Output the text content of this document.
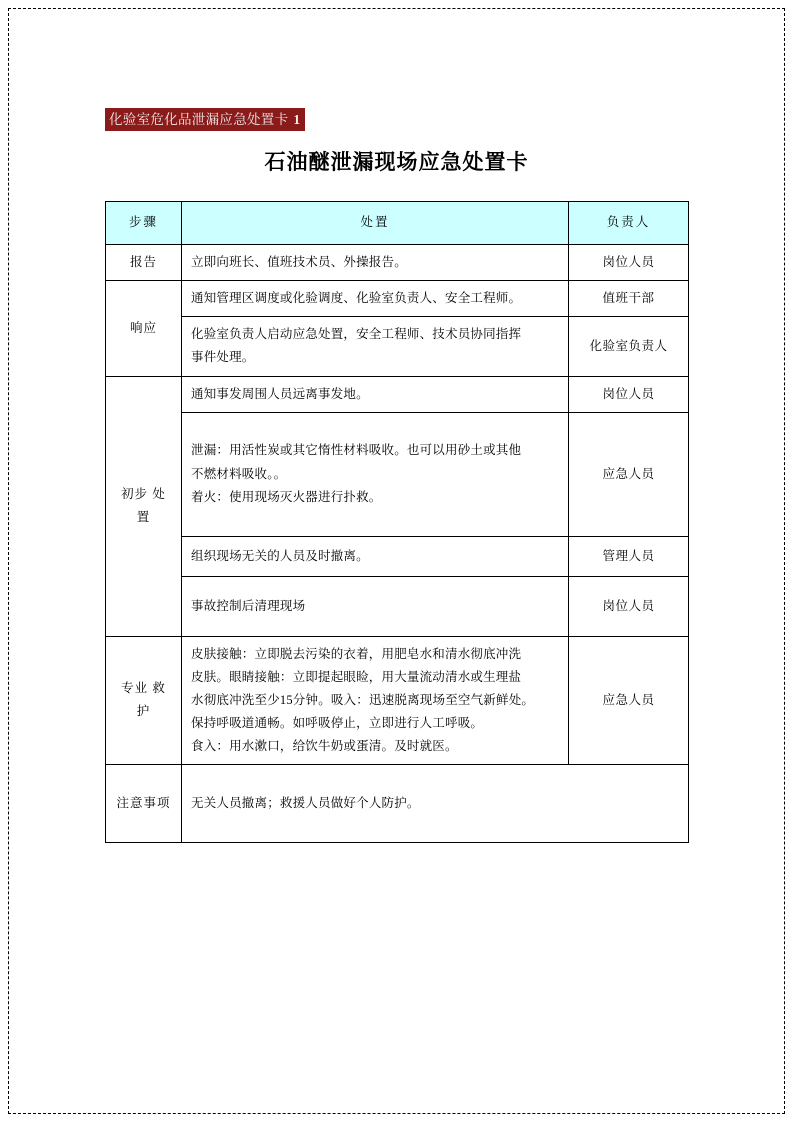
化验室危化品泄漏应急处置卡 1
石油醚泄漏现场应急处置卡
步骤	处置	负责人
报告	立即向班长、值班技术员、外操报告。	岗位人员
响应	通知管理区调度或化验调度、化验室负责人、安全工程师。	值班干部

	化验室负责人启动应急处置，安全工程师、技术员协同指挥
事件处理。	化验室负责人
初步 处置	通知事发周围人员远离事发地。	岗位人员

	泄漏：用活性炭或其它惰性材料吸收。也可以用砂土或其他
不燃材料吸收。。
着火：使用现场灭火器进行扑救。	应急人员

	组织现场无关的人员及时撤离。	管理人员

	事故控制后清理现场	岗位人员
专业 救护	皮肤接触：立即脱去污染的衣着，用肥皂水和清水彻底冲洗
皮肤。眼睛接触：立即提起眼睑，用大量流动清水或生理盐
水彻底冲洗至少15分钟。吸入：迅速脱离现场至空气新鲜处。
保持呼吸道通畅。如呼吸停止，立即进行人工呼吸。
食入：用水漱口，给饮牛奶或蛋清。及时就医。	应急人员
注意事项	无关人员撤离；救援人员做好个人防护。	
